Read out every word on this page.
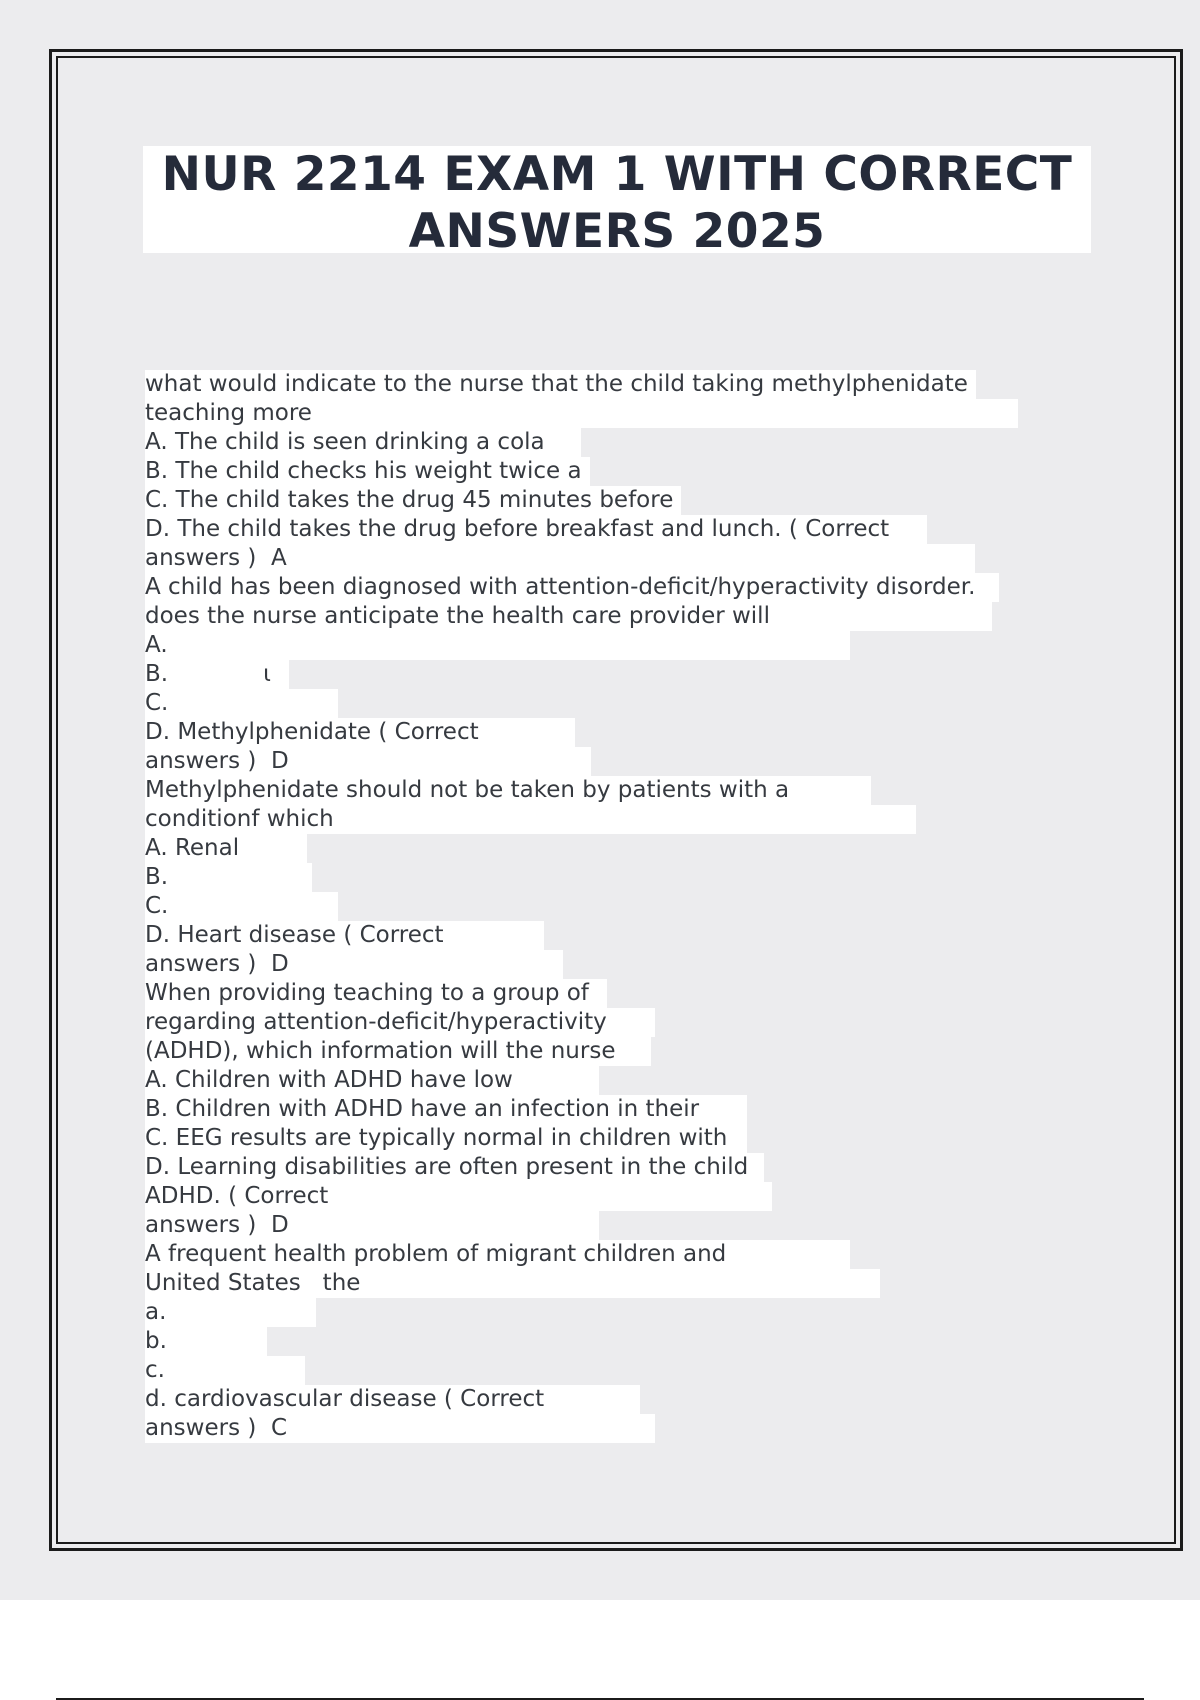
NUR 2214 EXAM 1 WITH CORRECT
ANSWERS 2025
what would indicate to the nurse that the child taking methylphenidate
teaching more
A. The child is seen drinking a cola
B. The child checks his weight twice a
C. The child takes the drug 45 minutes before
D. The child takes the drug before breakfast and lunch. ( Correct
answers )  A
A child has been diagnosed with attention-deficit/hyperactivity disorder.
does the nurse anticipate the health care provider will
A.
B.             ɩ
C.
D. Methylphenidate ( Correct
answers )  D
Methylphenidate should not be taken by patients with a
conditionf which
A. Renal
B.
C.
D. Heart disease ( Correct
answers )  D
When providing teaching to a group of
regarding attention-deficit/hyperactivity
(ADHD), which information will the nurse
A. Children with ADHD have low
B. Children with ADHD have an infection in their
C. EEG results are typically normal in children with
D. Learning disabilities are often present in the child
ADHD. ( Correct
answers )  D
A frequent health problem of migrant children and
United States   the
a.
b.
c.
d. cardiovascular disease ( Correct
answers )  C
